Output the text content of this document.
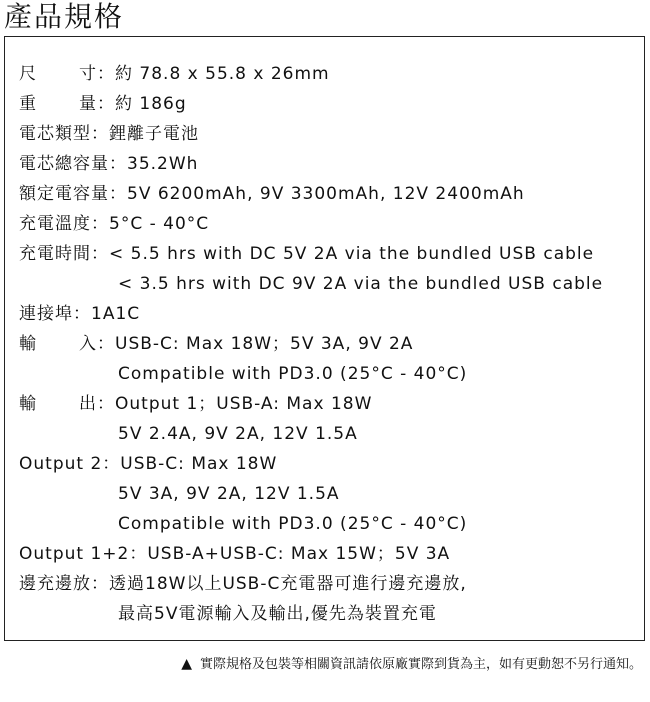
產品規格
尺 寸 ：約 78.8 x 55.8 x 26mm
重 量 ：約 186g
電芯類型：鋰離子電池
電芯總容量：35.2Wh
額定電容量：5V 6200mAh, 9V 3300mAh, 12V 2400mAh
充電溫度：5°C - 40°C
充電時間：< 5.5 hrs with DC 5V 2A via the bundled USB cable
< 3.5 hrs with DC 9V 2A via the bundled USB cable
連接埠：1A1C
輸 入 ：USB-C: Max 18W；5V 3A, 9V 2A
Compatible with PD3.0 (25°C - 40°C)
輸 出 ：Output 1；USB-A: Max 18W
5V 2.4A, 9V 2A, 12V 1.5A
Output 2：USB-C: Max 18W
5V 3A, 9V 2A, 12V 1.5A
Compatible with PD3.0 (25°C - 40°C)
Output 1+2：USB-A+USB-C: Max 15W；5V 3A
邊充邊放：透過18W以上USB-C充電器可進行邊充邊放,
最高5V電源輸入及輸出,優先為裝置充電
▲ 實際規格及包裝等相關資訊請依原廠實際到貨為主，如有更動恕不另行通知。
